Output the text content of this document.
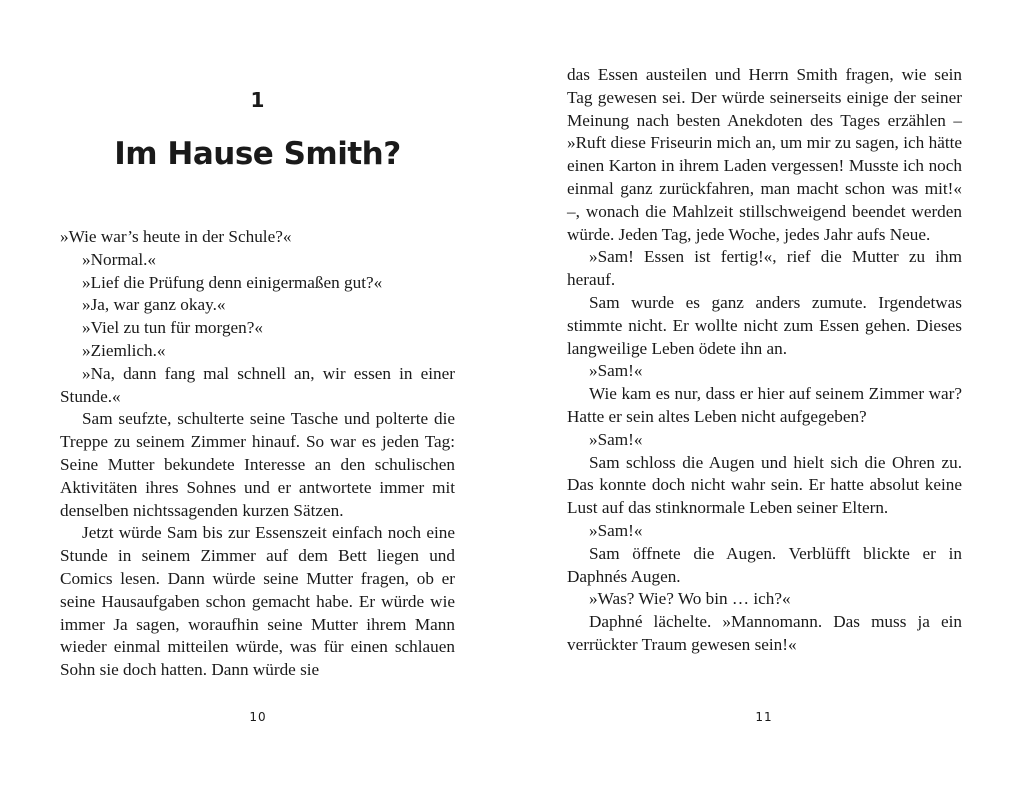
1
Im Hause Smith?

»Wie war’s heute in der Schule?«

»Normal.«

»Lief die Prüfung denn einigermaßen gut?«

»Ja, war ganz okay.«

»Viel zu tun für morgen?«

»Ziemlich.«

»Na, dann fang mal schnell an, wir essen in einer Stunde.«

Sam seufzte, schulterte seine Tasche und polterte die Treppe zu seinem Zimmer hinauf. So war es jeden Tag: Seine Mutter bekundete Interesse an den schulischen Aktivitäten ihres Sohnes und er antwortete immer mit denselben nichtssagenden kurzen Sätzen.

Jetzt würde Sam bis zur Essenszeit einfach noch eine Stunde in seinem Zimmer auf dem Bett liegen und Comics lesen. Dann würde seine Mutter fragen, ob er seine Hausaufgaben schon gemacht habe. Er würde wie immer Ja sagen, woraufhin seine Mutter ihrem Mann wieder einmal mitteilen würde, was für einen schlauen Sohn sie doch hatten. Dann würde sie

10

das Essen austeilen und Herrn Smith fragen, wie sein Tag gewesen sei. Der würde seinerseits einige der seiner Meinung nach besten Anekdoten des Tages erzählen – »Ruft diese Friseurin mich an, um mir zu sagen, ich hätte einen Karton in ihrem Laden vergessen! Musste ich noch einmal ganz zurückfahren, man macht schon was mit!« –, wonach die Mahlzeit stillschweigend beendet werden würde. Jeden Tag, jede Woche, jedes Jahr aufs Neue.

»Sam! Essen ist fertig!«, rief die Mutter zu ihm herauf.

Sam wurde es ganz anders zumute. Irgendetwas stimmte nicht. Er wollte nicht zum Essen gehen. Dieses langweilige Leben ödete ihn an.

»Sam!«

Wie kam es nur, dass er hier auf seinem Zimmer war? Hatte er sein altes Leben nicht aufgegeben?

»Sam!«

Sam schloss die Augen und hielt sich die Ohren zu. Das konnte doch nicht wahr sein. Er hatte absolut keine Lust auf das stinknormale Leben seiner Eltern.

»Sam!«

Sam öffnete die Augen. Verblüfft blickte er in Daphnés Augen.

»Was? Wie? Wo bin … ich?«

Daphné lächelte. »Mannomann. Das muss ja ein verrückter Traum gewesen sein!«

11
